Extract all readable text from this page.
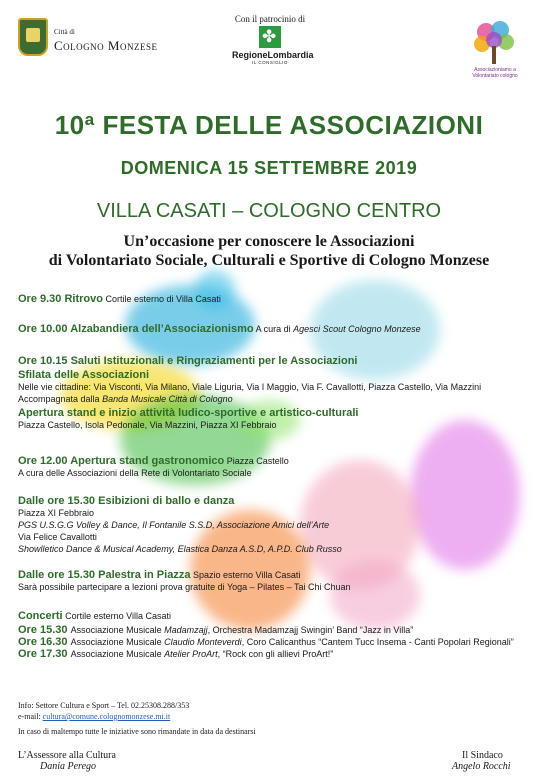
Città di
Cologno Monzese
Con il patrocinio di
✤
RegioneLombardia
IL CONSIGLIO
Associazioniamo a Volontariato cologno
10ª FESTA DELLE ASSOCIAZIONI
DOMENICA 15 SETTEMBRE 2019
VILLA CASATI – COLOGNO CENTRO
Un’occasione per conoscere le Associazioni
di Volontariato Sociale, Culturali e Sportive di Cologno Monzese
Ore 9.30 Ritrovo Cortile esterno di Villa Casati
Ore 10.00 Alzabandiera dell’Associazionismo A cura di Agesci Scout Cologno Monzese
Ore 10.15 Saluti Istituzionali e Ringraziamenti per le Associazioni
Sfilata delle Associazioni
Nelle vie cittadine: Via Visconti, Via Milano, Viale Liguria, Via I Maggio, Via F. Cavallotti, Piazza Castello, Via Mazzini
Accompagnata dalla Banda Musicale Città di Cologno
Apertura stand e inizio attività ludico-sportive e artistico-culturali
Piazza Castello, Isola Pedonale, Via Mazzini, Piazza XI Febbraio
Ore 12.00 Apertura stand gastronomico Piazza Castello
A cura delle Associazioni della Rete di Volontariato Sociale
Dalle ore 15.30 Esibizioni di ballo e danza
Piazza XI Febbraio
PGS U.S.G.G Volley & Dance, Il Fontanile S.S.D, Associazione Amici dell’Arte
Via Felice Cavallotti
Showlletico Dance & Musical Academy, Elastica Danza A.S.D, A.P.D. Club Russo
Dalle ore 15.30 Palestra in Piazza Spazio esterno Villa Casati
Sarà possibile partecipare a lezioni prova gratuite di Yoga – Pilates – Tai Chi Chuan
Concerti Cortile esterno Villa Casati
Ore 15.30 Associazione Musicale Madamzajj, Orchestra Madamzajj Swingin’ Band “Jazz in Villa”
Ore 16.30 Associazione Musicale Claudio Monteverdi, Coro Calicanthus “Cantem Tucc Insema - Canti Popolari Regionali”
Ore 17.30 Associazione Musicale Atelier ProArt, “Rock con gli allievi ProArt!”
Info: Settore Cultura e Sport – Tel. 02.25308.288/353
e-mail: cultura@comune.colognomonzese.mi.it
In caso di maltempo tutte le iniziative sono rimandate in data da destinarsi
L’Assessore alla Cultura
Dania Perego
Il Sindaco
Angelo Rocchi
